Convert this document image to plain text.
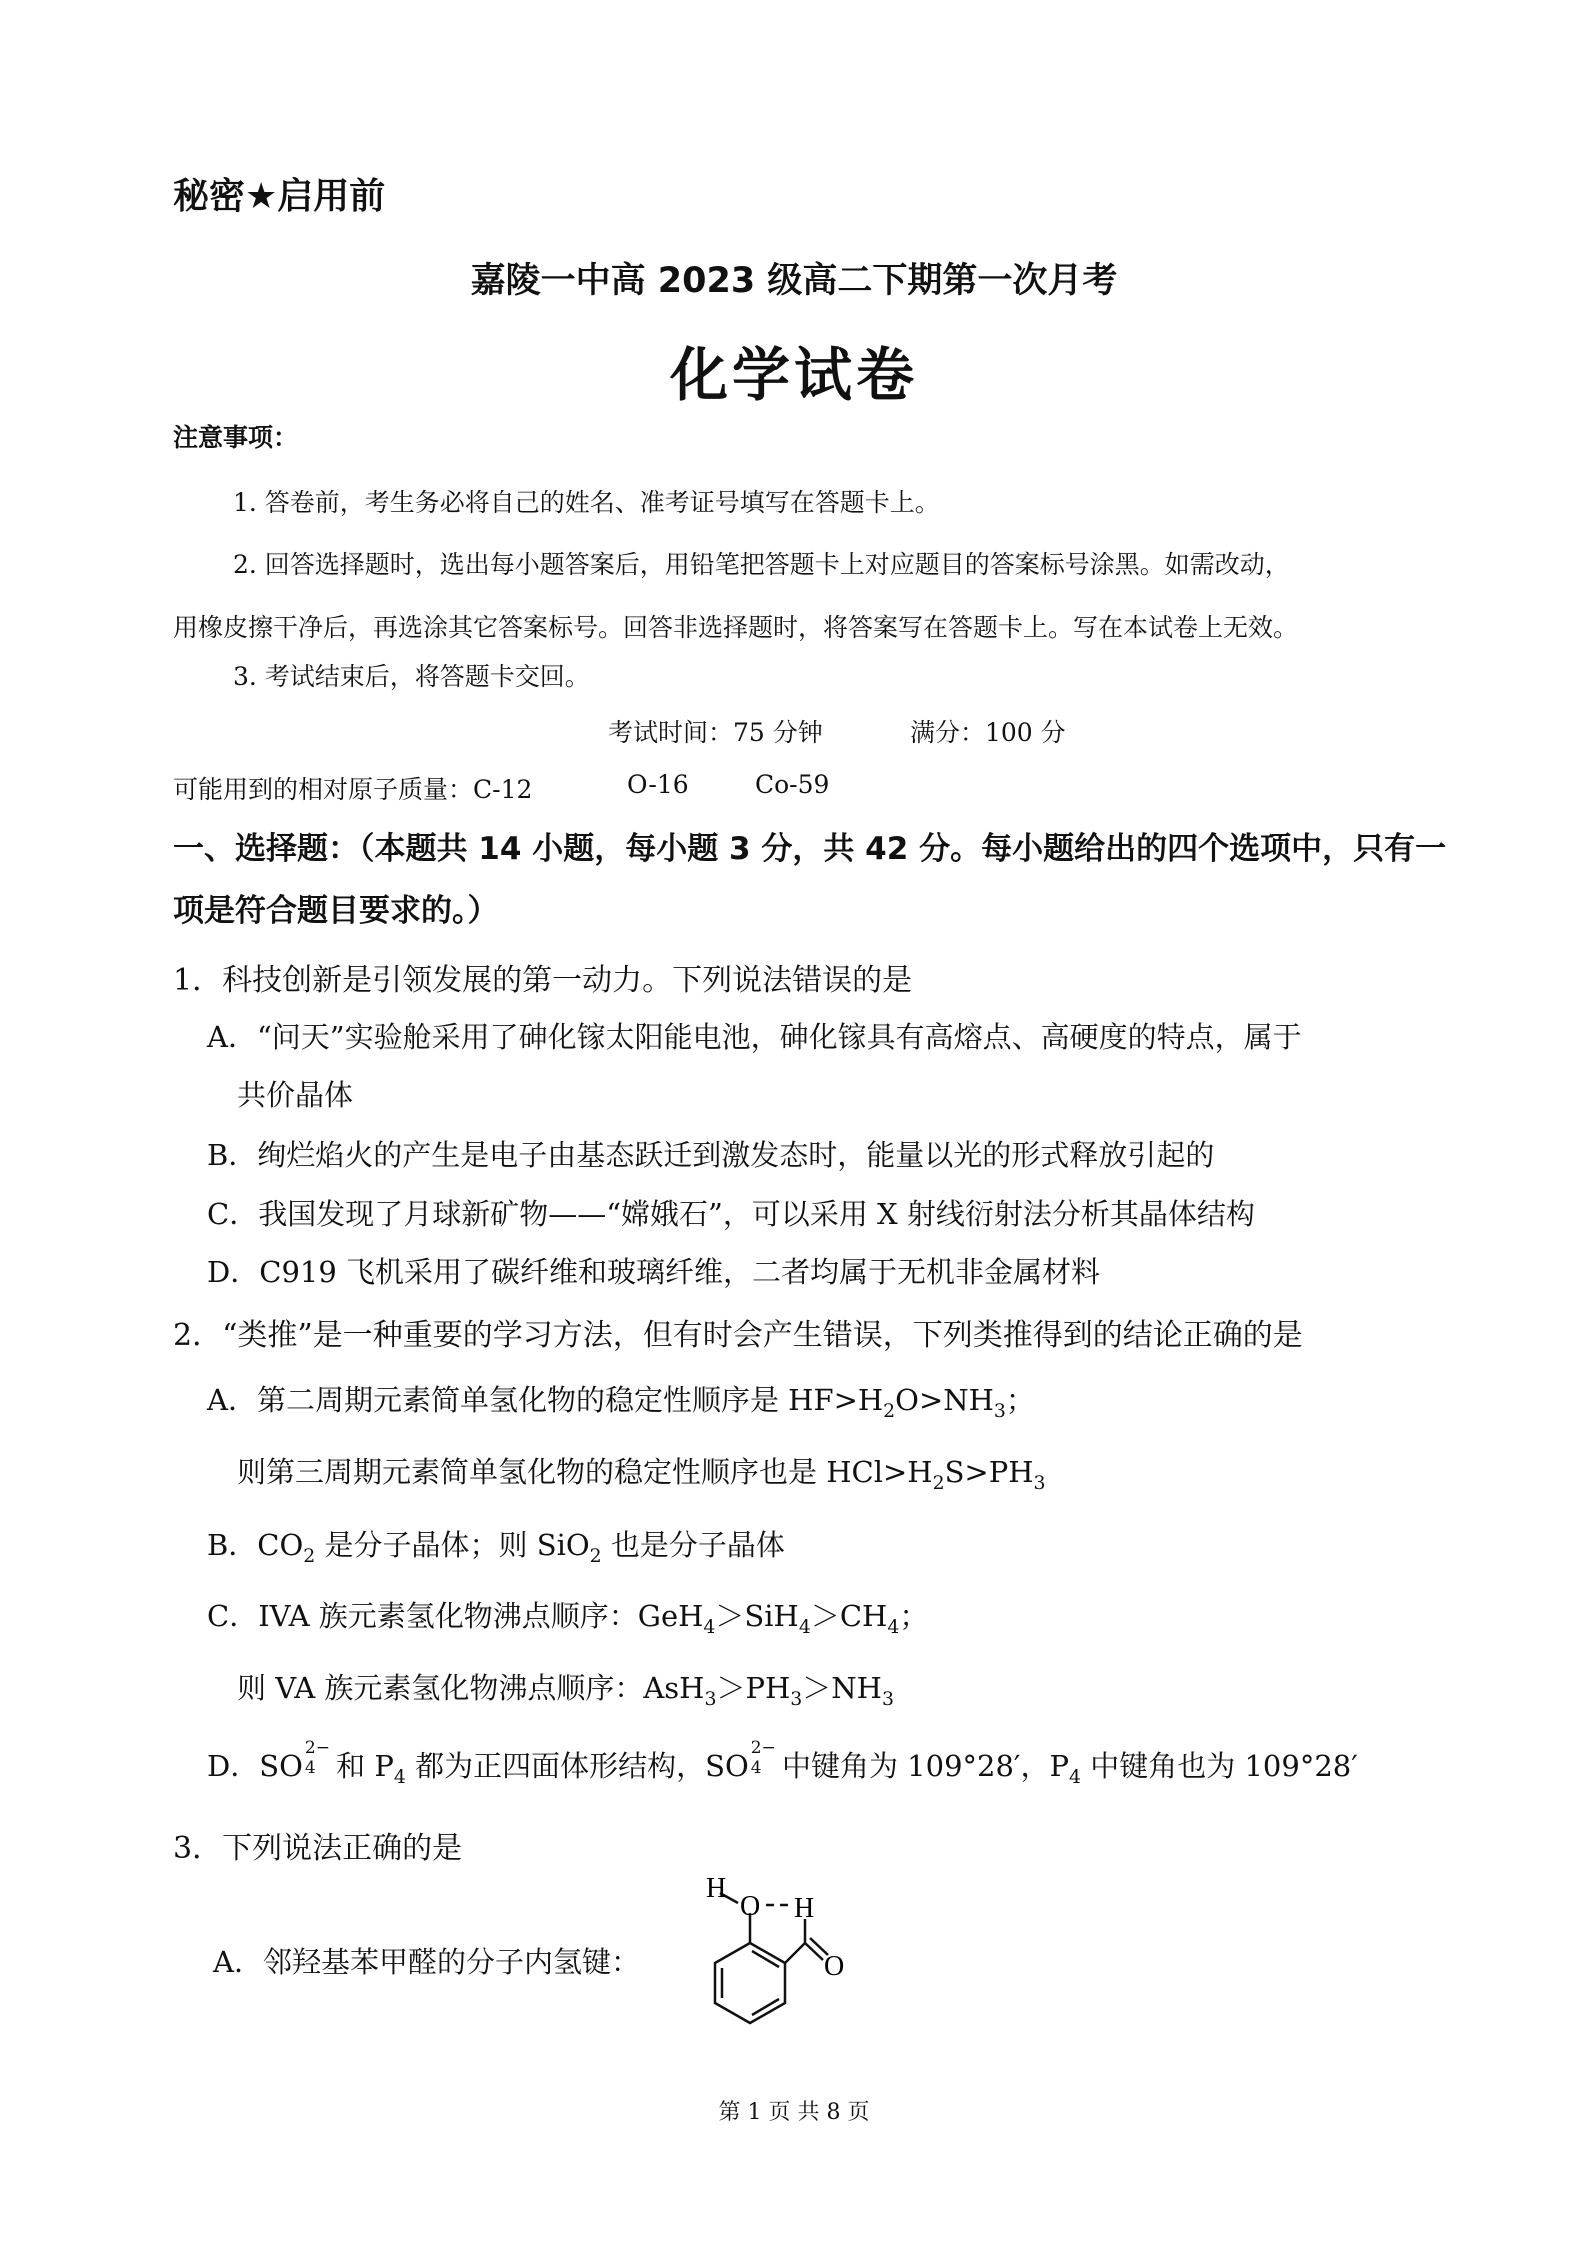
秘密★启用前
嘉陵一中高 2023 级高二下期第一次月考
化学试卷
注意事项：
1. 答卷前，考生务必将自己的姓名、准考证号填写在答题卡上。
2. 回答选择题时，选出每小题答案后，用铅笔把答题卡上对应题目的答案标号涂黑。如需改动，
用橡皮擦干净后，再选涂其它答案标号。回答非选择题时，将答案写在答题卡上。写在本试卷上无效。
3. 考试结束后，将答题卡交回。
考试时间：75 分钟	满分：100 分
可能用到的相对原子质量：C-12	O-16	Co-59
一、选择题：（本题共 14 小题，每小题 3 分，共 42 分。每小题给出的四个选项中，只有一
项是符合题目要求的。）
1．科技创新是引领发展的第一动力。下列说法错误的是
A．“问天”实验舱采用了砷化镓太阳能电池，砷化镓具有高熔点、高硬度的特点，属于
共价晶体
B．绚烂焰火的产生是电子由基态跃迁到激发态时，能量以光的形式释放引起的
C．我国发现了月球新矿物——“嫦娥石”，可以采用 X 射线衍射法分析其晶体结构
D．C919 飞机采用了碳纤维和玻璃纤维，二者均属于无机非金属材料
2．“类推”是一种重要的学习方法，但有时会产生错误，下列类推得到的结论正确的是
A．第二周期元素简单氢化物的稳定性顺序是 $HF>H_2O>NH_3$；
则第三周期元素简单氢化物的稳定性顺序也是 $HCl>H_2S>PH_3$
B．$CO_2$ 是分子晶体；则 SiO$_2$ 也是分子晶体
C．IVA 族元素氢化物沸点顺序：$GeH_4>SiH_4>CH_4$；
则 VA 族元素氢化物沸点顺序：$AsH_3>PH_3>NH_3$
D．SO
2−
4 和 $P_4$ 都为正四面体形结构，SO
2−
4 中键角为 109°28′，$P_4$ 中键角也为 109°28′
3．下列说法正确的是
A．邻羟基苯甲醛的分子内氢键：
H
O H
O
第 1 页 共 8 页
